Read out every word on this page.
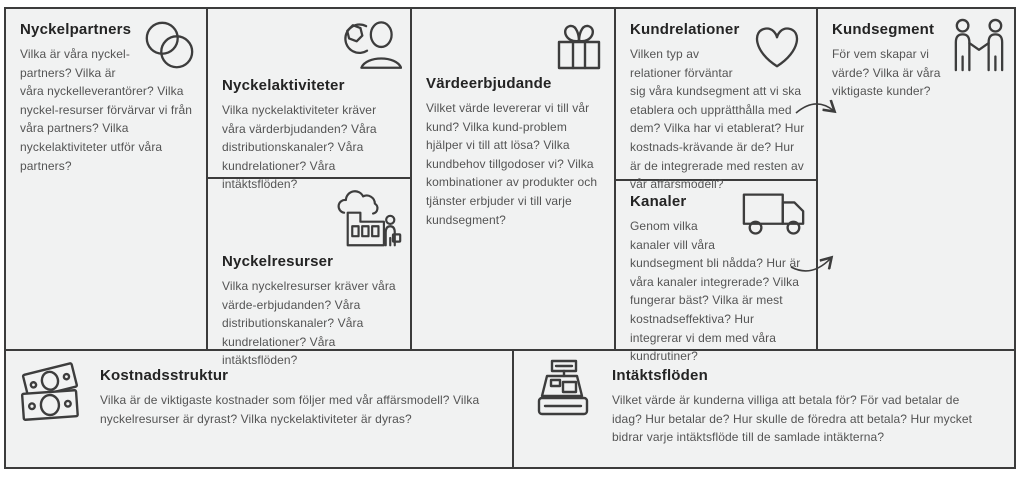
Nyckelpartners

Vilka är våra nyckel-partners? Vilka är våra nyckelleverantörer? Vilka nyckel-resurser förvärvar vi från våra partners? Vilka nyckelaktiviteter utför våra partners?

Nyckelaktiviteter

Vilka nyckelaktiviteter kräver våra värderbjudanden? Våra distributionskanaler? Våra kundrelationer? Våra intäktsflöden?

Nyckelresurser

Vilka nyckelresurser kräver våra värde-erbjudanden? Våra distributionskanaler? Våra kundrelationer? Våra intäktsflöden?

Värdeerbjudande

Vilket värde levererar vi till vår kund? Vilka kund-problem hjälper vi till att lösa? Vilka kundbehov tillgodoser vi? Vilka kombinationer av produkter och tjänster erbjuder vi till varje kundsegment?

Kundrelationer

Vilken typ av relationer förväntar sig våra kundsegment att vi ska etablera och upprätthålla med dem? Vilka har vi etablerat? Hur kostnads-krävande är de? Hur är de integrerade med resten av vår affärsmodell?

Kanaler

Genom vilka kanaler vill våra kundsegment bli nådda? Hur är våra kanaler integrerade? Vilka fungerar bäst? Vilka är mest kostnadseffektiva? Hur integrerar vi dem med våra kundrutiner?

Kundsegment

För vem skapar vi värde? Vilka är våra viktigaste kunder?

Kostnadsstruktur

Vilka är de viktigaste kostnader som följer med vår affärsmodell? Vilka nyckelresurser är dyrast? Vilka nyckelaktiviteter är dyras?

Intäktsflöden

Vilket värde är kunderna villiga att betala för? För vad betalar de idag? Hur betalar de? Hur skulle de föredra att betala? Hur mycket bidrar varje intäktsflöde till de samlade intäkterna?
